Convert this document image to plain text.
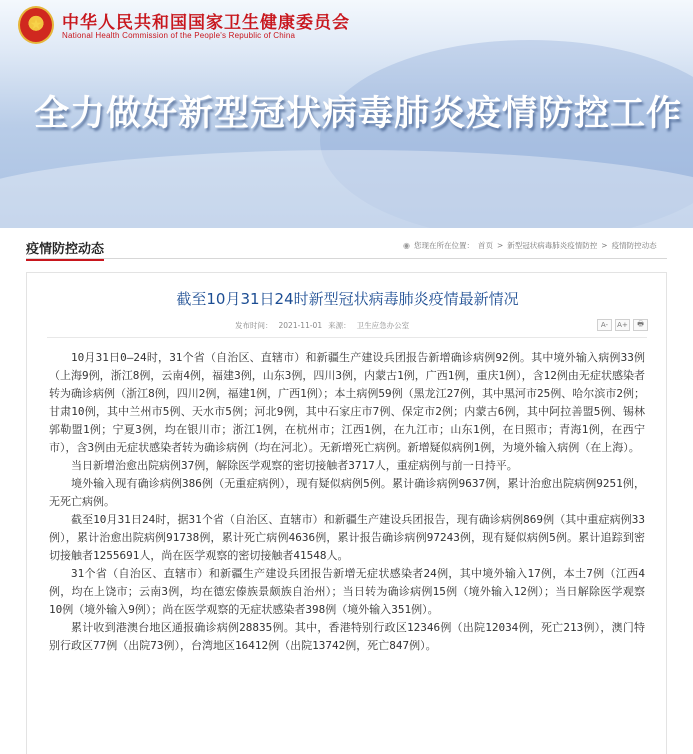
★	中华人民共和国国家卫生健康委员会
National Health Commission of the People's Republic of China
全力做好新型冠状病毒肺炎疫情防控工作
疫情防控动态	◉ 您现在所在位置： 首页 > 新型冠状病毒肺炎疫情防控 > 疫情防控动态
截至10月31日24时新型冠状病毒肺炎疫情最新情况
发布时间： 2021-11-01 来源： 卫生应急办公室	A-	A+	🖶

10月31日0—24时，31个省（自治区、直辖市）和新疆生产建设兵团报告新增确诊病例92例。其中境外输入病例33例（上海9例，浙江8例，云南4例，福建3例，山东3例，四川3例，内蒙古1例，广西1例，重庆1例），含12例由无症状感染者转为确诊病例（浙江8例，四川2例，福建1例，广西1例）；本土病例59例（黑龙江27例，其中黑河市25例、哈尔滨市2例；甘肃10例，其中兰州市5例、天水市5例；河北9例，其中石家庄市7例、保定市2例；内蒙古6例，其中阿拉善盟5例、锡林郭勒盟1例；宁夏3例，均在银川市；浙江1例，在杭州市；江西1例，在九江市；山东1例，在日照市；青海1例，在西宁市），含3例由无症状感染者转为确诊病例（均在河北）。无新增死亡病例。新增疑似病例1例，为境外输入病例（在上海）。

当日新增治愈出院病例37例，解除医学观察的密切接触者3717人，重症病例与前一日持平。

境外输入现有确诊病例386例（无重症病例），现有疑似病例5例。累计确诊病例9637例，累计治愈出院病例9251例，无死亡病例。

截至10月31日24时，据31个省（自治区、直辖市）和新疆生产建设兵团报告，现有确诊病例869例（其中重症病例33例），累计治愈出院病例91738例，累计死亡病例4636例，累计报告确诊病例97243例，现有疑似病例5例。累计追踪到密切接触者1255691人，尚在医学观察的密切接触者41548人。

31个省（自治区、直辖市）和新疆生产建设兵团报告新增无症状感染者24例，其中境外输入17例，本土7例（江西4例，均在上饶市；云南3例，均在德宏傣族景颇族自治州）；当日转为确诊病例15例（境外输入12例）；当日解除医学观察10例（境外输入9例）；尚在医学观察的无症状感染者398例（境外输入351例）。

累计收到港澳台地区通报确诊病例28835例。其中，香港特别行政区12346例（出院12034例，死亡213例），澳门特别行政区77例（出院73例），台湾地区16412例（出院13742例，死亡847例）。
